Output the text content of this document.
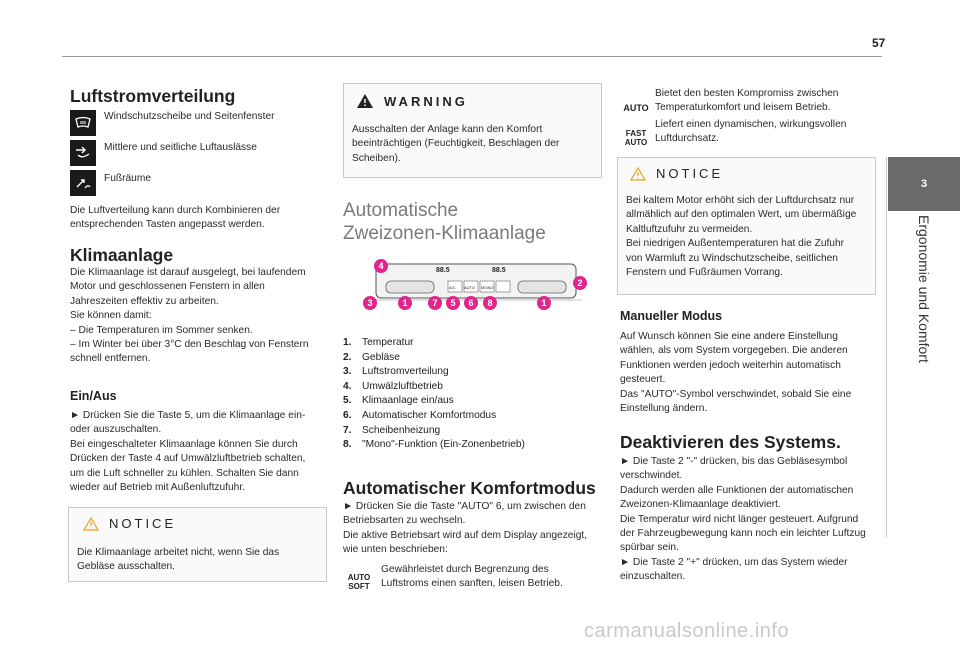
57
3
Ergonomie und Komfort
Luftstromverteilung
Windschutzscheibe und Seitenfenster
Mittlere und seitliche Luftauslässe
Fußräume
Die Luftverteilung kann durch Kombinieren der entsprechenden Tasten angepasst werden.
Klimaanlage
Die Klimaanlage ist darauf ausgelegt, bei laufendem
Motor und geschlossenen Fenstern in allen
Jahreszeiten effektiv zu arbeiten.
Sie können damit:
– Die Temperaturen im Sommer senken.
– Im Winter bei über 3°C den Beschlag von Fenstern
schnell entfernen.
Ein/Aus
► Drücken Sie die Taste 5, um die Klimaanlage ein-
oder auszuschalten.
Bei eingeschalteter Klimaanlage können Sie durch
Drücken der Taste 4 auf Umwälzluftbetrieb schalten,
um die Luft schneller zu kühlen. Schalten Sie dann
wieder auf Betrieb mit Außenluftzufuhr.
NOTICE
Die Klimaanlage arbeitet nicht, wenn Sie das
Gebläse ausschalten.
WARNING
Ausschalten der Anlage kann den Komfort
beeinträchtigen (Feuchtigkeit, Beschlagen der
Scheiben).
Automatische
Zweizonen-Klimaanlage
88.5	88.5
A/C AUTO MONO
4
2
3	1	7	5	6	8	1
1.	Temperatur
2.	Gebläse
3.	Luftstromverteilung
4.	Umwälzluftbetrieb
5.	Klimaanlage ein/aus
6.	Automatischer Komfortmodus
7.	Scheibenheizung
8.	"Mono"-Funktion (Ein-Zonenbetrieb)
Automatischer Komfortmodus
► Drücken Sie die Taste "AUTO" 6, um zwischen den
Betriebsarten zu wechseln.
Die aktive Betriebsart wird auf dem Display angezeigt,
wie unten beschrieben:
AUTO SOFT
Gewährleistet durch Begrenzung des
Luftstroms einen sanften, leisen Betrieb.
AUTO
Bietet den besten Kompromiss zwischen
Temperaturkomfort und leisem Betrieb.
FAST AUTO
Liefert einen dynamischen, wirkungsvollen
Luftdurchsatz.
NOTICE
Bei kaltem Motor erhöht sich der Luftdurchsatz nur
allmählich auf den optimalen Wert, um übermäßige
Kaltluftzufuhr zu vermeiden.
Bei niedrigen Außentemperaturen hat die Zufuhr
von Warmluft zu Windschutzscheibe, seitlichen
Fenstern und Fußräumen Vorrang.
Manueller Modus
Auf Wunsch können Sie eine andere Einstellung
wählen, als vom System vorgegeben. Die anderen
Funktionen werden jedoch weiterhin automatisch
gesteuert.
Das "AUTO"-Symbol verschwindet, sobald Sie eine
Einstellung ändern.
Deaktivieren des Systems.
► Die Taste 2 "-" drücken, bis das Gebläsesymbol
verschwindet.
Dadurch werden alle Funktionen der automatischen
Zweizonen-Klimaanlage deaktiviert.
Die Temperatur wird nicht länger gesteuert. Aufgrund
der Fahrzeugbewegung kann noch ein leichter Luftzug
spürbar sein.
► Die Taste 2 "+" drücken, um das System wieder
einzuschalten.
carmanualsonline.info
